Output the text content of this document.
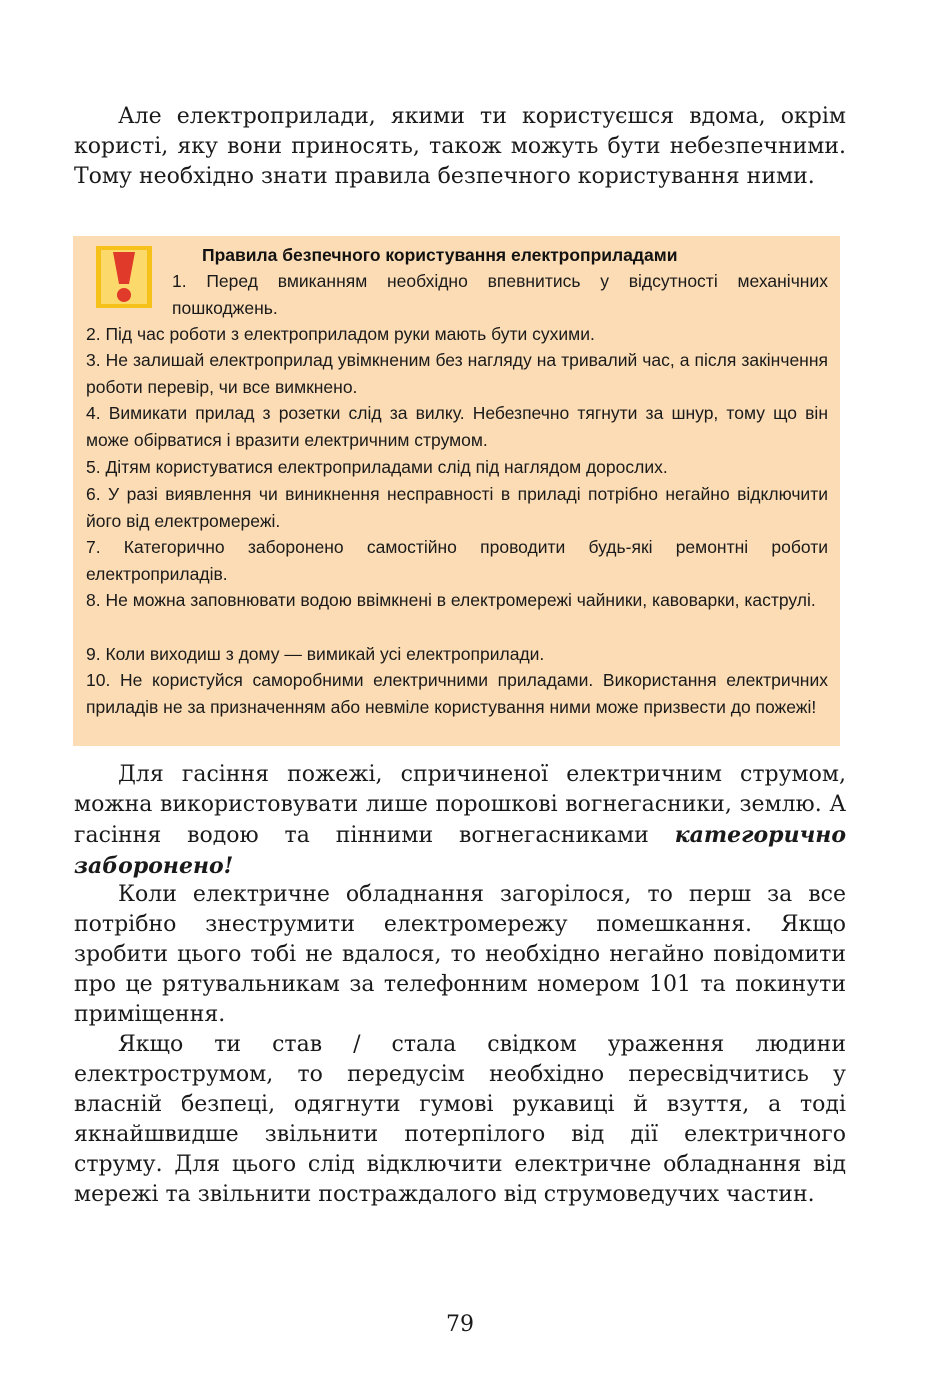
Але електроприлади, якими ти користуєшся вдома, окрім користі, яку вони приносять, також можуть бути небезпечними. Тому необхідно знати правила безпечного користування ними.

Правила безпечного користування електроприладами

1. Перед вмиканням необхідно впевнитись у відсутності механічних пошкоджень.

2. Під час роботи з електроприладом руки мають бути сухими.

3. Не залишай електроприлад увімкненим без нагляду на тривалий час, а після закінчення роботи перевір, чи все вимкнено.

4. Вимикати прилад з розетки слід за вилку. Небезпечно тягнути за шнур, тому що він може обірватися і вразити електричним струмом.

5. Дітям користуватися електроприладами слід під наглядом дорослих.

6. У разі виявлення чи виникнення несправності в приладі потрібно негайно відключити його від електромережі.

7. Категорично заборонено самостійно проводити будь-які ремонтні роботи електроприладів.

8. Не можна заповнювати водою ввімкнені в електромережі чайники, кавоварки, каструлі.

9. Коли виходиш з дому — вимикай усі електроприлади.

10. Не користуйся саморобними електричними приладами. Використання електричних приладів не за призначенням або невміле користування ними може призвести до пожежі!

Для гасіння пожежі, спричиненої електричним струмом, можна використовувати лише порошкові вогнегасники, землю. А гасіння водою та пінними вогнегасниками категорично заборонено!

Коли електричне обладнання загорілося, то перш за все потрібно знеструмити електромережу помешкання. Якщо зробити цього тобі не вдалося, то необхідно негайно повідомити про це рятувальникам за телефонним номером 101 та покинути приміщення.

Якщо ти став / стала свідком ураження людини електрострумом, то передусім необхідно пересвідчитись у власній безпеці, одягнути гумові рукавиці й взуття, а тоді якнайшвидше звільнити потерпілого від дії електричного струму. Для цього слід відключити електричне обладнання від мережі та звільнити постраждалого від струмоведучих частин.

79
